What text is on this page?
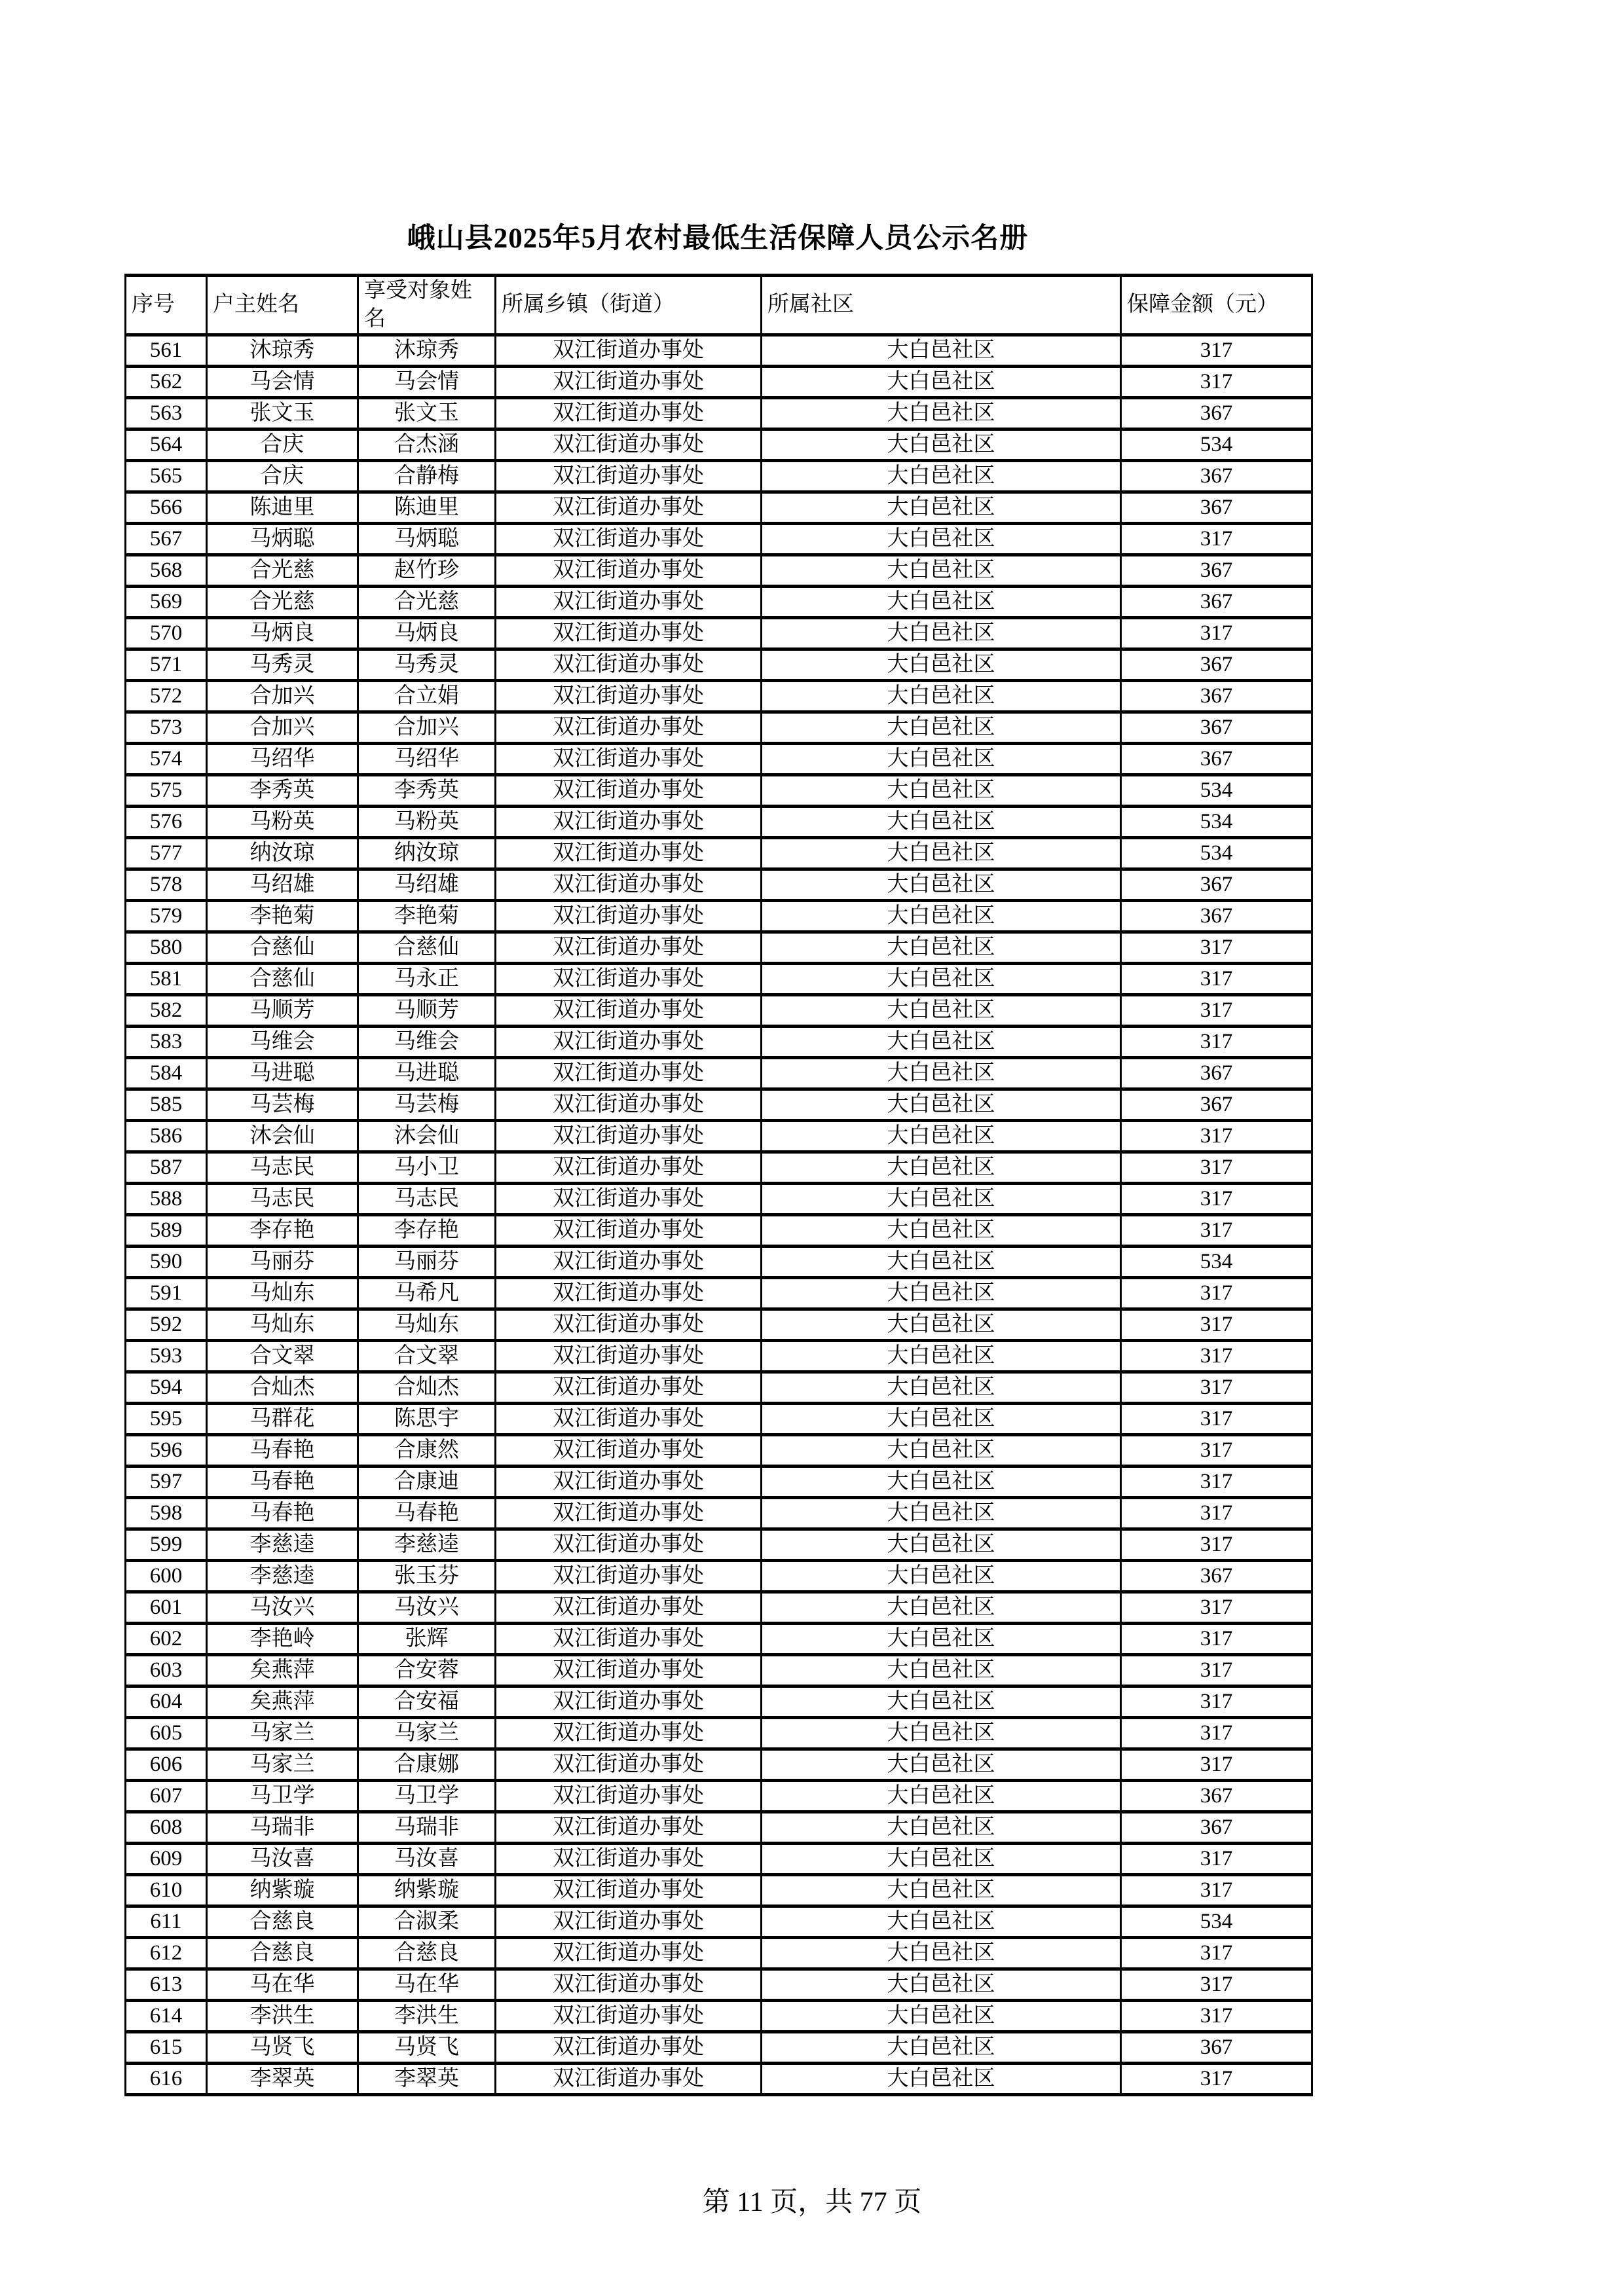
峨山县2025年5月农村最低生活保障人员公示名册
序号	户主姓名	享受对象姓名	所属乡镇（街道）	所属社区	保障金额（元）
561	沐琼秀	沐琼秀	双江街道办事处	大白邑社区	317
562	马会情	马会情	双江街道办事处	大白邑社区	317
563	张文玉	张文玉	双江街道办事处	大白邑社区	367
564	合庆	合杰涵	双江街道办事处	大白邑社区	534
565	合庆	合静梅	双江街道办事处	大白邑社区	367
566	陈迪里	陈迪里	双江街道办事处	大白邑社区	367
567	马炳聪	马炳聪	双江街道办事处	大白邑社区	317
568	合光慈	赵竹珍	双江街道办事处	大白邑社区	367
569	合光慈	合光慈	双江街道办事处	大白邑社区	367
570	马炳良	马炳良	双江街道办事处	大白邑社区	317
571	马秀灵	马秀灵	双江街道办事处	大白邑社区	367
572	合加兴	合立娟	双江街道办事处	大白邑社区	367
573	合加兴	合加兴	双江街道办事处	大白邑社区	367
574	马绍华	马绍华	双江街道办事处	大白邑社区	367
575	李秀英	李秀英	双江街道办事处	大白邑社区	534
576	马粉英	马粉英	双江街道办事处	大白邑社区	534
577	纳汝琼	纳汝琼	双江街道办事处	大白邑社区	534
578	马绍雄	马绍雄	双江街道办事处	大白邑社区	367
579	李艳菊	李艳菊	双江街道办事处	大白邑社区	367
580	合慈仙	合慈仙	双江街道办事处	大白邑社区	317
581	合慈仙	马永正	双江街道办事处	大白邑社区	317
582	马顺芳	马顺芳	双江街道办事处	大白邑社区	317
583	马维会	马维会	双江街道办事处	大白邑社区	317
584	马进聪	马进聪	双江街道办事处	大白邑社区	367
585	马芸梅	马芸梅	双江街道办事处	大白邑社区	367
586	沐会仙	沐会仙	双江街道办事处	大白邑社区	317
587	马志民	马小卫	双江街道办事处	大白邑社区	317
588	马志民	马志民	双江街道办事处	大白邑社区	317
589	李存艳	李存艳	双江街道办事处	大白邑社区	317
590	马丽芬	马丽芬	双江街道办事处	大白邑社区	534
591	马灿东	马希凡	双江街道办事处	大白邑社区	317
592	马灿东	马灿东	双江街道办事处	大白邑社区	317
593	合文翠	合文翠	双江街道办事处	大白邑社区	317
594	合灿杰	合灿杰	双江街道办事处	大白邑社区	317
595	马群花	陈思宇	双江街道办事处	大白邑社区	317
596	马春艳	合康然	双江街道办事处	大白邑社区	317
597	马春艳	合康迪	双江街道办事处	大白邑社区	317
598	马春艳	马春艳	双江街道办事处	大白邑社区	317
599	李慈逵	李慈逵	双江街道办事处	大白邑社区	317
600	李慈逵	张玉芬	双江街道办事处	大白邑社区	367
601	马汝兴	马汝兴	双江街道办事处	大白邑社区	317
602	李艳岭	张辉	双江街道办事处	大白邑社区	317
603	矣燕萍	合安蓉	双江街道办事处	大白邑社区	317
604	矣燕萍	合安福	双江街道办事处	大白邑社区	317
605	马家兰	马家兰	双江街道办事处	大白邑社区	317
606	马家兰	合康娜	双江街道办事处	大白邑社区	317
607	马卫学	马卫学	双江街道办事处	大白邑社区	367
608	马瑞非	马瑞非	双江街道办事处	大白邑社区	367
609	马汝喜	马汝喜	双江街道办事处	大白邑社区	317
610	纳紫璇	纳紫璇	双江街道办事处	大白邑社区	317
611	合慈良	合淑柔	双江街道办事处	大白邑社区	534
612	合慈良	合慈良	双江街道办事处	大白邑社区	317
613	马在华	马在华	双江街道办事处	大白邑社区	317
614	李洪生	李洪生	双江街道办事处	大白邑社区	317
615	马贤飞	马贤飞	双江街道办事处	大白邑社区	367
616	李翠英	李翠英	双江街道办事处	大白邑社区	317
第 11 页，共 77 页
